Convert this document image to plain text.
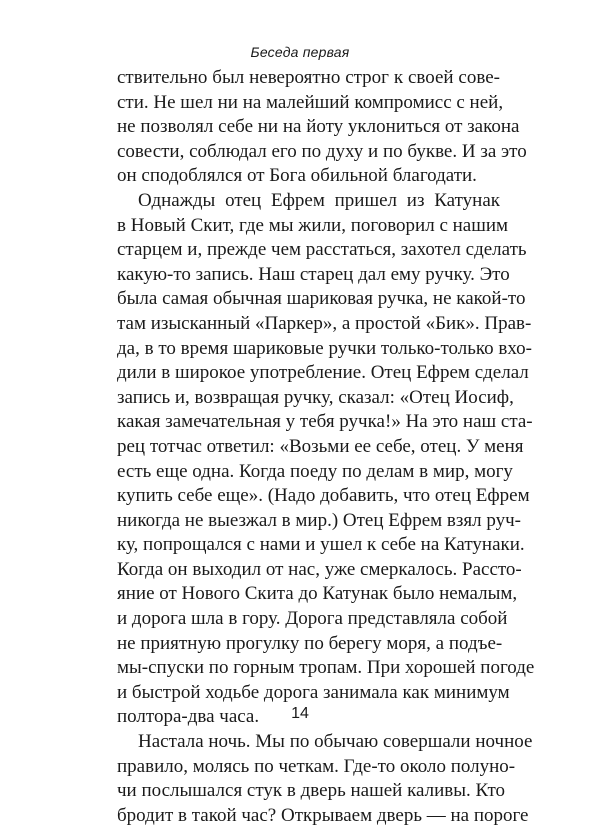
Беседа первая
ствительно был невероятно строг к своей сове-
сти. Не шел ни на малейший компромисс с ней,
не позволял себе ни на йоту уклониться от закона
совести, соблюдал его по духу и по букве. И за это
он сподоблялся от Бога обильной благодати.
Однажды отец Ефрем пришел из Катунак
в Новый Скит, где мы жили, поговорил с нашим
старцем и, прежде чем расстаться, захотел сделать
какую-то запись. Наш старец дал ему ручку. Это
была самая обычная шариковая ручка, не какой-то
там изысканный «Паркер», а простой «Бик». Прав-
да, в то время шариковые ручки только-только вхо-
дили в широкое употребление. Отец Ефрем сделал
запись и, возвращая ручку, сказал: «Отец Иосиф,
какая замечательная у тебя ручка!» На это наш ста-
рец тотчас ответил: «Возьми ее себе, отец. У меня
есть еще одна. Когда поеду по делам в мир, могу
купить себе еще». (Надо добавить, что отец Ефрем
никогда не выезжал в мир.) Отец Ефрем взял руч-
ку, попрощался с нами и ушел к себе на Катунаки.
Когда он выходил от нас, уже смеркалось. Рассто-
яние от Нового Скита до Катунак было немалым,
и дорога шла в гору. Дорога представляла собой
не приятную прогулку по берегу моря, а подъе-
мы-спуски по горным тропам. При хорошей погоде
и быстрой ходьбе дорога занимала как минимум
полтора-два часа.
Настала ночь. Мы по обычаю совершали ночное
правило, молясь по четкам. Где-то около полуно-
чи послышался стук в дверь нашей каливы. Кто
бродит в такой час? Открываем дверь — на пороге
14
